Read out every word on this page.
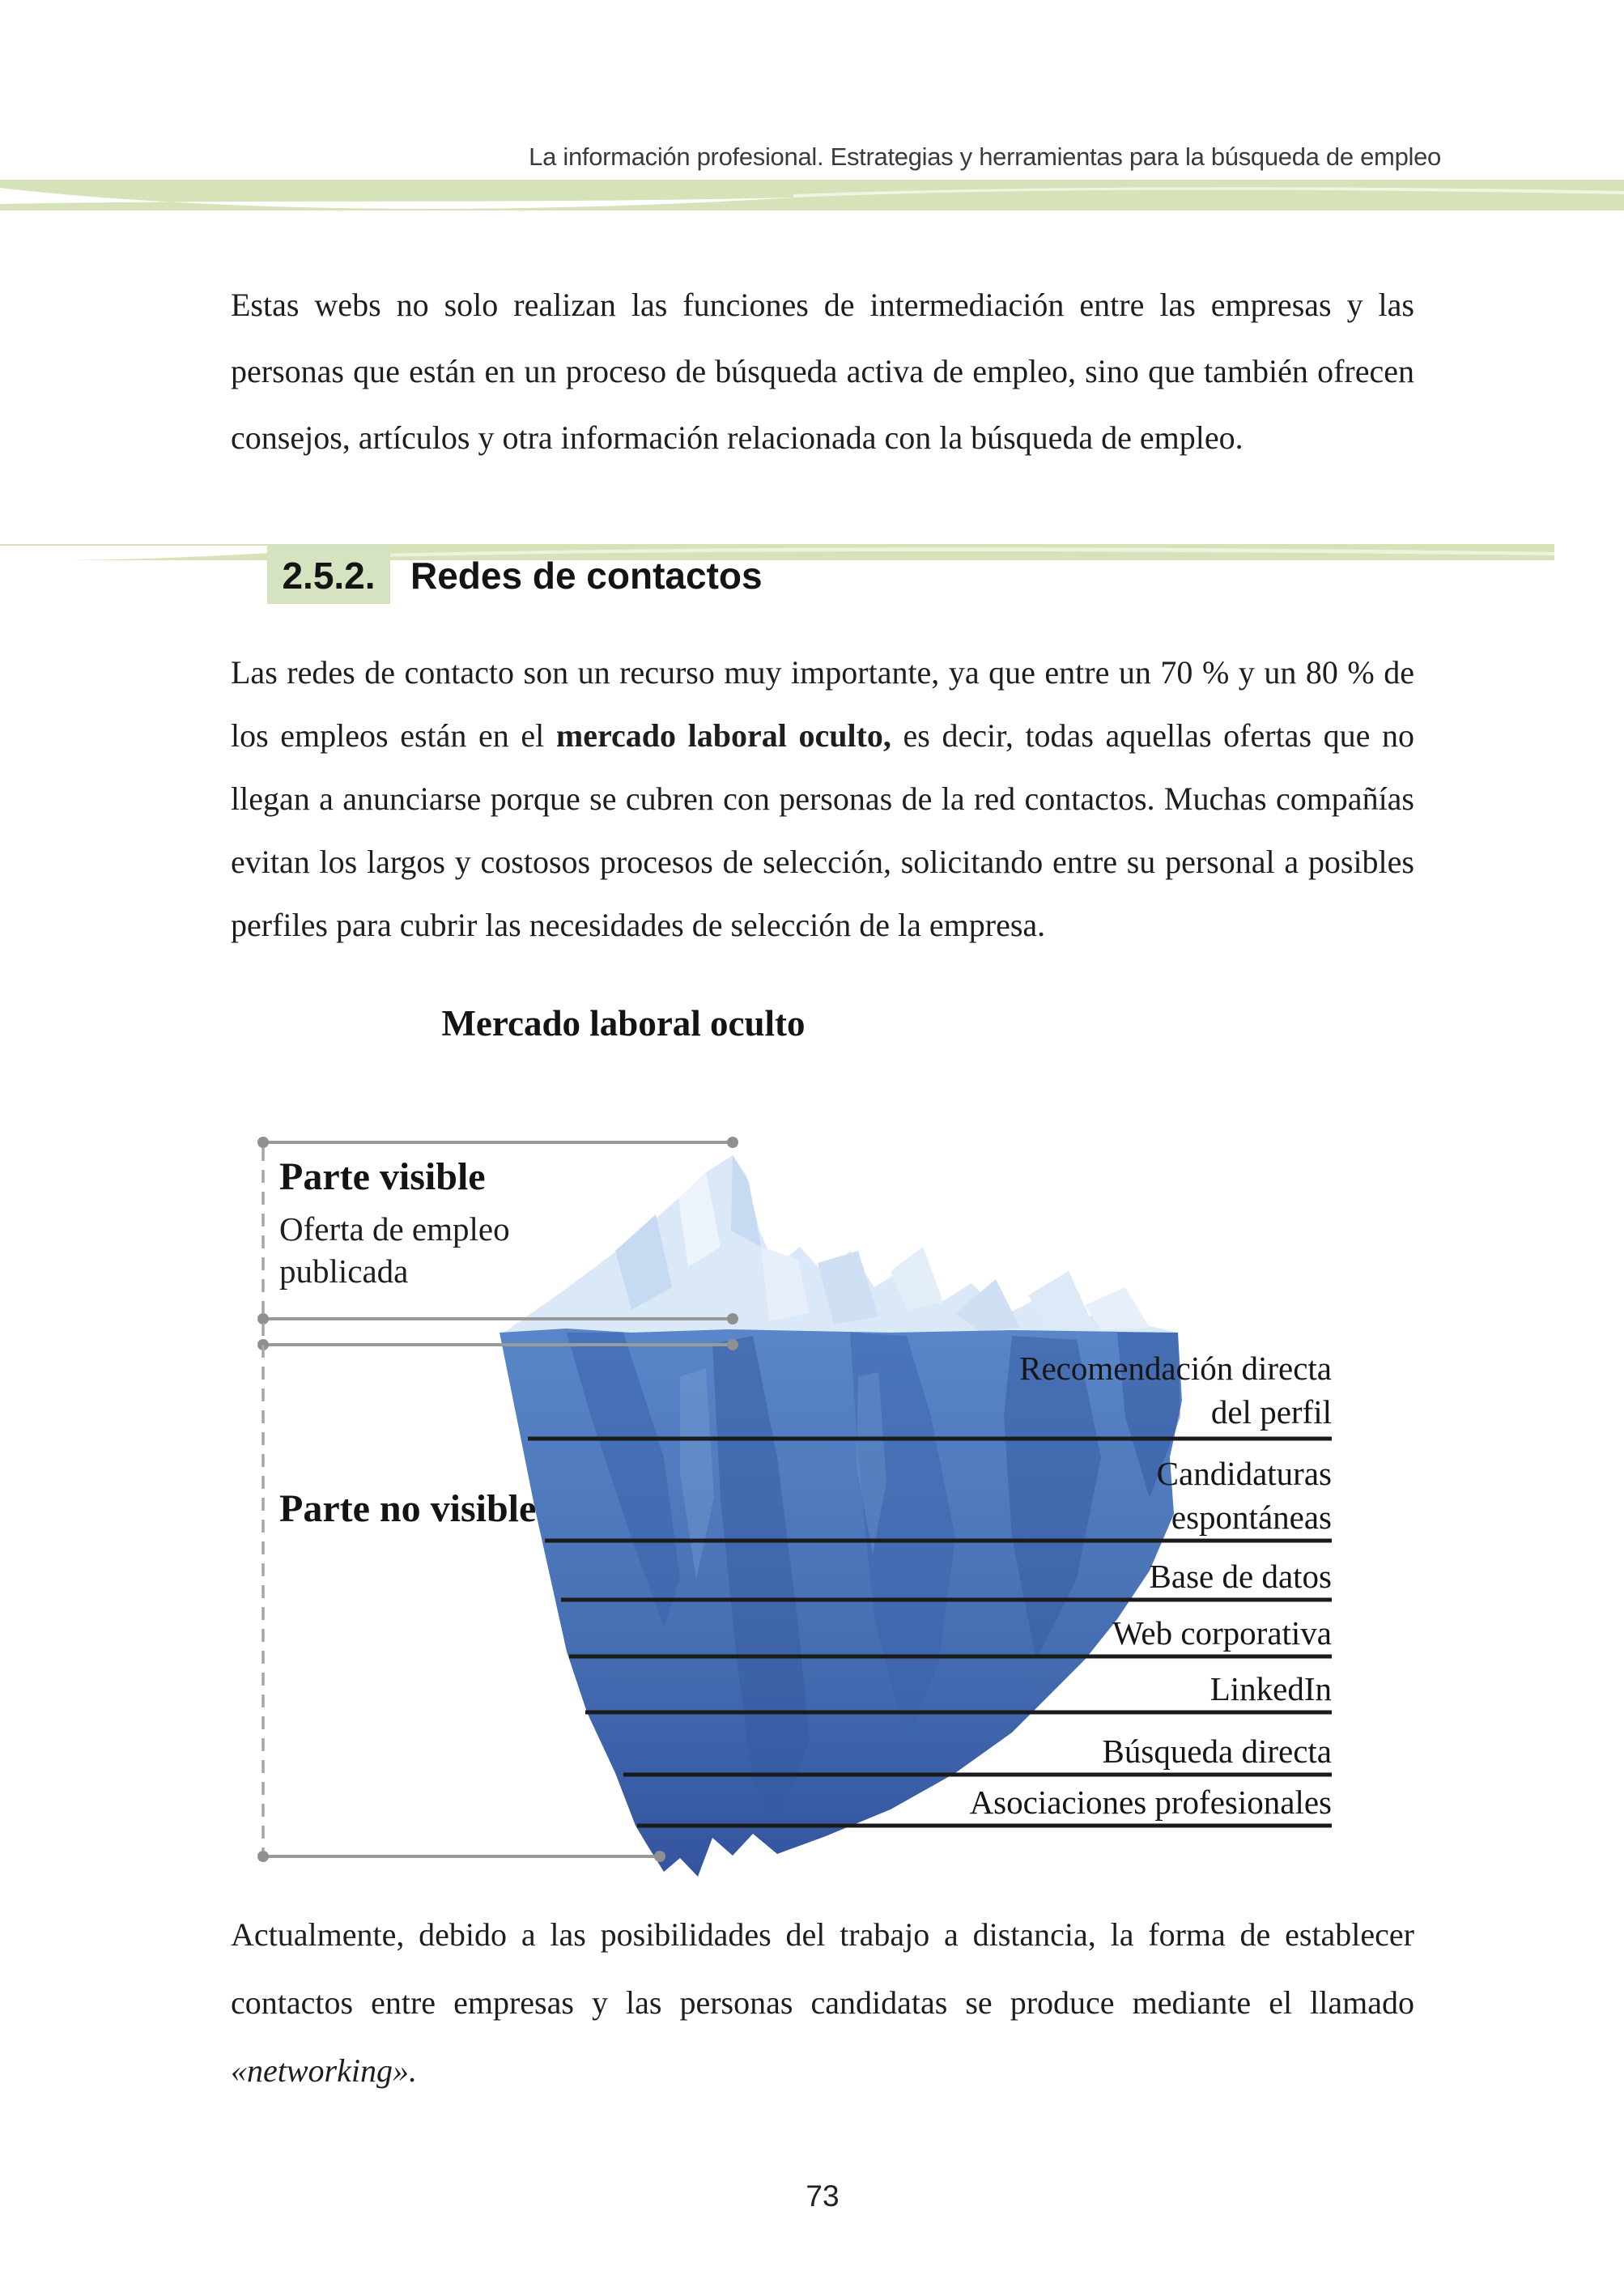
La información profesional. Estrategias y herramientas para la búsqueda de empleo
Estas webs no solo realizan las funciones de intermediación entre las empresas y las personas que están en un proceso de búsqueda activa de empleo, sino que también ofrecen consejos, artículos y otra información relacionada con la búsqueda de empleo.
2.5.2. Redes de contactos
Las redes de contacto son un recurso muy importante, ya que entre un 70 % y un 80 % de los empleos están en el mercado laboral oculto, es decir, todas aquellas ofertas que no llegan a anunciarse porque se cubren con personas de la red contactos. Muchas compañías evitan los largos y costosos procesos de selección, solicitando entre su personal a posibles perfiles para cubrir las necesidades de selección de la empresa.
Mercado laboral oculto
Parte visible
Oferta de empleo
publicada
Parte no visible
Recomendación directa
del perfil
Candidaturas
espontáneas
Base de datos
Web corporativa
LinkedIn
Búsqueda directa
Asociaciones profesionales
Actualmente, debido a las posibilidades del trabajo a distancia, la forma de establecer contactos entre empresas y las personas candidatas se produce mediante el llamado «networking».
73
